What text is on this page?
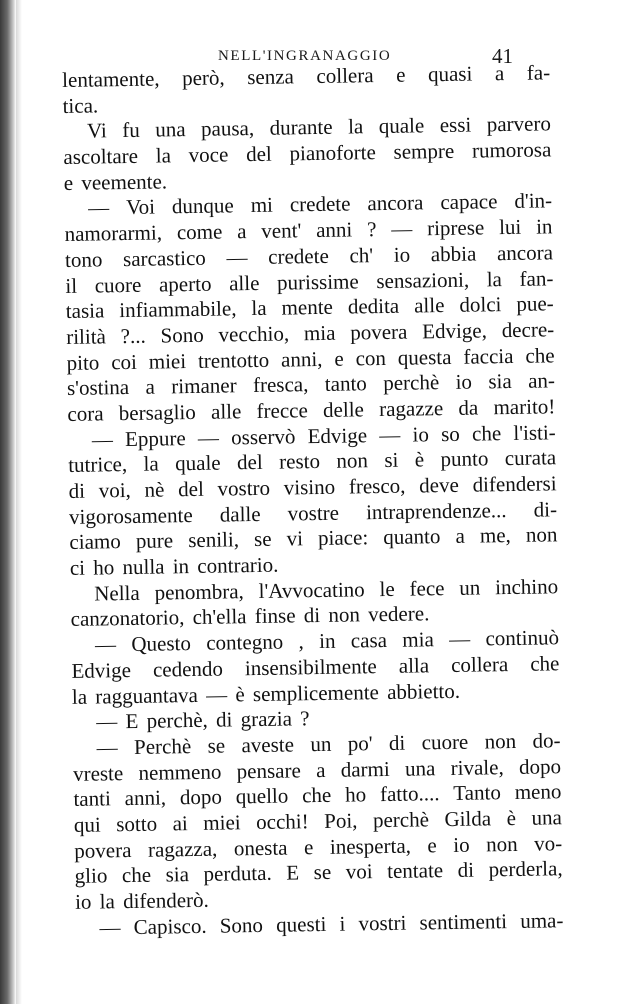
NELL'INGRANAGGIO	41
lentamente, però, senza collera e quasi a fa-
tica.
Vi fu una pausa, durante la quale essi parvero
ascoltare la voce del pianoforte sempre rumorosa
e veemente.
— Voi dunque mi credete ancora capace d'in-
namorarmi, come a vent' anni ? — riprese lui in
tono sarcastico — credete ch' io abbia ancora
il cuore aperto alle purissime sensazioni, la fan-
tasia infiammabile, la mente dedita alle dolci pue-
rilità ?... Sono vecchio, mia povera Edvige, decre-
pito coi miei trentotto anni, e con questa faccia che
s'ostina a rimaner fresca, tanto perchè io sia an-
cora bersaglio alle frecce delle ragazze da marito!
— Eppure — osservò Edvige — io so che l'isti-
tutrice, la quale del resto non si è punto curata
di voi, nè del vostro visino fresco, deve difendersi
vigorosamente dalle vostre intraprendenze... di-
ciamo pure senili, se vi piace: quanto a me, non
ci ho nulla in contrario.
Nella penombra, l'Avvocatino le fece un inchino
canzonatorio, ch'ella finse di non vedere.
— Questo contegno , in casa mia — continuò
Edvige cedendo insensibilmente alla collera che
la ragguantava — è semplicemente abbietto.
— E perchè, di grazia ?
— Perchè se aveste un po' di cuore non do-
vreste nemmeno pensare a darmi una rivale, dopo
tanti anni, dopo quello che ho fatto.... Tanto meno
qui sotto ai miei occhi! Poi, perchè Gilda è una
povera ragazza, onesta e inesperta, e io non vo-
glio che sia perduta. E se voi tentate di perderla,
io la difenderò.
— Capisco. Sono questi i vostri sentimenti uma-
